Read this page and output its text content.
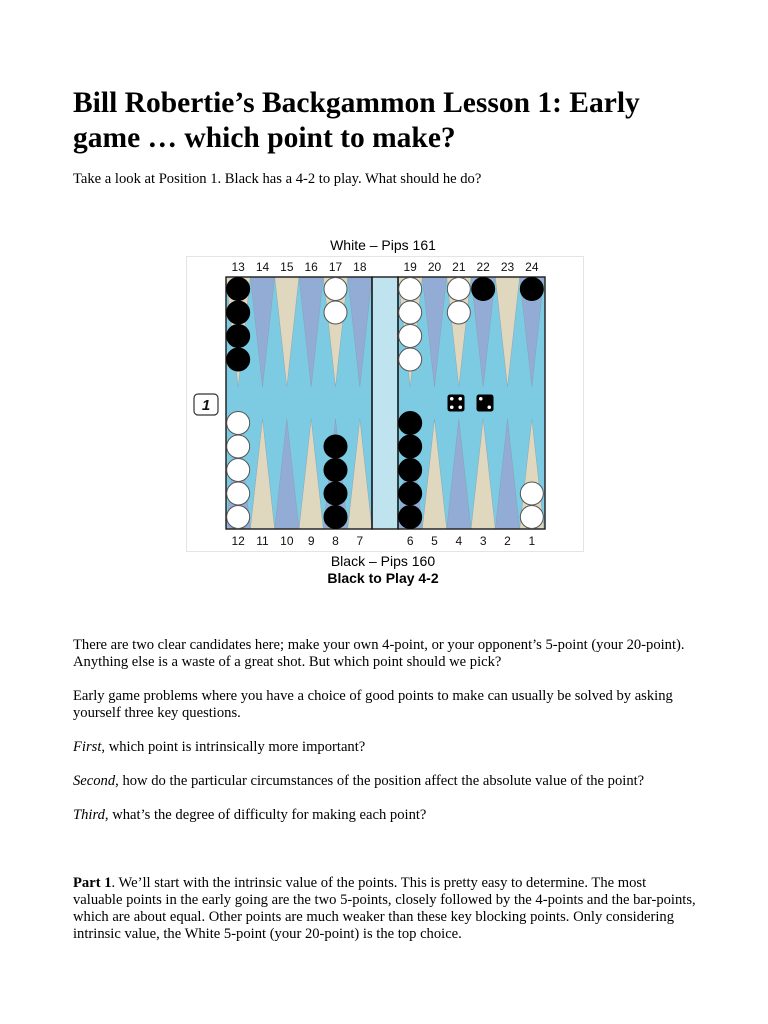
Bill Robertie’s Backgammon Lesson 1: Early game … which point to make?

Take a look at Position 1. Black has a 4-2 to play. What should he do?

White – Pips 161
13 14 15 16 17 18	19 20 21 22 23 24
12 11 10 9 8 7	6 5 4 3 2 1
1
Black – Pips 160
Black to Play 4-2

There are two clear candidates here; make your own 4-point, or your opponent’s 5-point (your 20-point). Anything else is a waste of a great shot. But which point should we pick?

Early game problems where you have a choice of good points to make can usually be solved by asking yourself three key questions.

First, which point is intrinsically more important?

Second, how do the particular circumstances of the position affect the absolute value of the point?

Third, what’s the degree of difficulty for making each point?

Part 1. We’ll start with the intrinsic value of the points. This is pretty easy to determine. The most valuable points in the early going are the two 5-points, closely followed by the 4-points and the bar-points, which are about equal. Other points are much weaker than these key blocking points. Only considering intrinsic value, the White 5-point (your 20-point) is the top choice.
